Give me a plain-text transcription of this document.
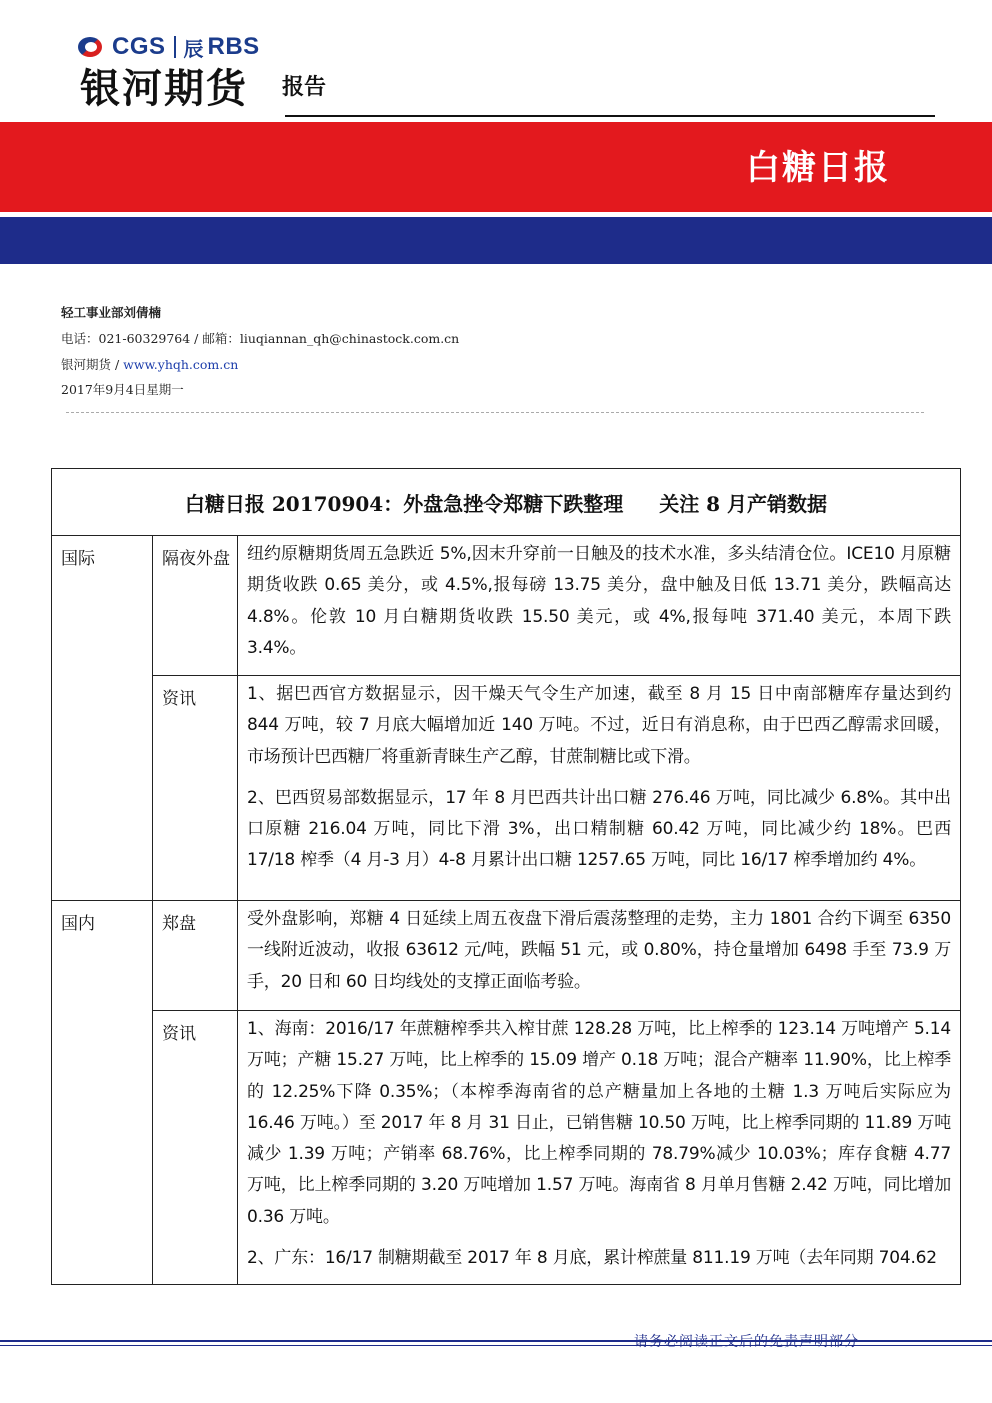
CGS 辰 RBS
银河期货 报告
白糖日报
轻工事业部刘倩楠
电话：021-60329764 / 邮箱：liuqiannan_qh@chinastock.com.cn
银河期货 / www.yhqh.com.cn
2017年9月4日星期一
白糖日报 20170904：外盘急挫令郑糖下跌整理 关注 8 月产销数据		
国际	隔夜外盘	纽约原糖期货周五急跌近 5%,因末升穿前一日触及的技术水准，多头结清仓位。ICE10 月原糖期货收跌 0.65 美分，或 4.5%,报每磅 13.75 美分，盘中触及日低 13.71 美分，跌幅高达 4.8%。伦敦 10 月白糖期货收跌 15.50 美元，或 4%,报每吨 371.40 美元，本周下跌 3.4%。

	资讯	1、据巴西官方数据显示，因干燥天气令生产加速，截至 8 月 15 日中南部糖库存量达到约 844 万吨，较 7 月底大幅增加近 140 万吨。不过，近日有消息称，由于巴西乙醇需求回暖，市场预计巴西糖厂将重新青睐生产乙醇，甘蔗制糖比或下滑。

2、巴西贸易部数据显示，17 年 8 月巴西共计出口糖 276.46 万吨，同比减少 6.8%。其中出口原糖 216.04 万吨，同比下滑 3%，出口精制糖 60.42 万吨，同比减少约 18%。巴西 17/18 榨季（4 月-3 月）4-8 月累计出口糖 1257.65 万吨，同比 16/17 榨季增加约 4%。

国内	郑盘	受外盘影响，郑糖 4 日延续上周五夜盘下滑后震荡整理的走势，主力 1801 合约下调至 6350 一线附近波动，收报 63612 元/吨，跌幅 51 元，或 0.80%，持仓量增加 6498 手至 73.9 万手，20 日和 60 日均线处的支撑正面临考验。

	资讯	1、海南：2016/17 年蔗糖榨季共入榨甘蔗 128.28 万吨，比上榨季的 123.14 万吨增产 5.14 万吨；产糖 15.27 万吨，比上榨季的 15.09 增产 0.18 万吨；混合产糖率 11.90%，比上榨季的 12.25%下降 0.35%；（本榨季海南省的总产糖量加上各地的土糖 1.3 万吨后实际应为 16.46 万吨。）至 2017 年 8 月 31 日止，已销售糖 10.50 万吨，比上榨季同期的 11.89 万吨减少 1.39 万吨；产销率 68.76%，比上榨季同期的 78.79%减少 10.03%；库存食糖 4.77 万吨，比上榨季同期的 3.20 万吨增加 1.57 万吨。海南省 8 月单月售糖 2.42 万吨，同比增加 0.36 万吨。

2、广东：16/17 制糖期截至 2017 年 8 月底，累计榨蔗量 811.19 万吨（去年同期 704.62

请务必阅读正文后的免责声明部分
